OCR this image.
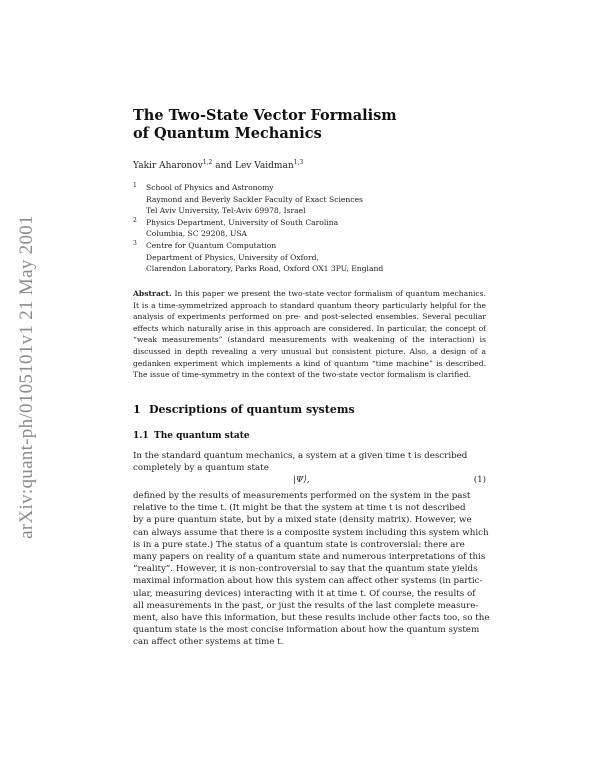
arXiv:quant-ph/0105101v1 21 May 2001
The Two-State Vector Formalism
of Quantum Mechanics
Yakir Aharonov$^{1,2}$ and Lev Vaidman$^{1,3}$
1 School of Physics and Astronomy
Raymond and Beverly Sackler Faculty of Exact Sciences
Tel Aviv University, Tel-Aviv 69978, Israel
2 Physics Department, University of South Carolina
Columbia, SC 29208, USA
3 Centre for Quantum Computation
Department of Physics, University of Oxford,
Clarendon Laboratory, Parks Road, Oxford OX1 3PU, England
Abstract. In this paper we present the two-state vector formalism of quantum mechanics. It is a time-symmetrized approach to standard quantum theory particularly helpful for the analysis of experiments performed on pre- and post-selected ensembles. Several peculiar effects which naturally arise in this approach are considered. In particular, the concept of “weak measurements” (standard measurements with weakening of the interaction) is discussed in depth revealing a very unusual but consistent picture. Also, a design of a gedanken experiment which implements a kind of quantum “time machine” is described. The issue of time-symmetry in the context of the two-state vector formalism is clarified.
1 Descriptions of quantum systems
1.1 The quantum state
In the standard quantum mechanics, a system at a given time t is described
completely by a quantum state
|Ψ⟩,	(1)
defined by the results of measurements performed on the system in the past
relative to the time t. (It might be that the system at time t is not described
by a pure quantum state, but by a mixed state (density matrix). However, we
can always assume that there is a composite system including this system which
is in a pure state.) The status of a quantum state is controversial: there are
many papers on reality of a quantum state and numerous interpretations of this
“reality”. However, it is non-controversial to say that the quantum state yields
maximal information about how this system can affect other systems (in partic-
ular, measuring devices) interacting with it at time t. Of course, the results of
all measurements in the past, or just the results of the last complete measure-
ment, also have this information, but these results include other facts too, so the
quantum state is the most concise information about how the quantum system
can affect other systems at time t.
